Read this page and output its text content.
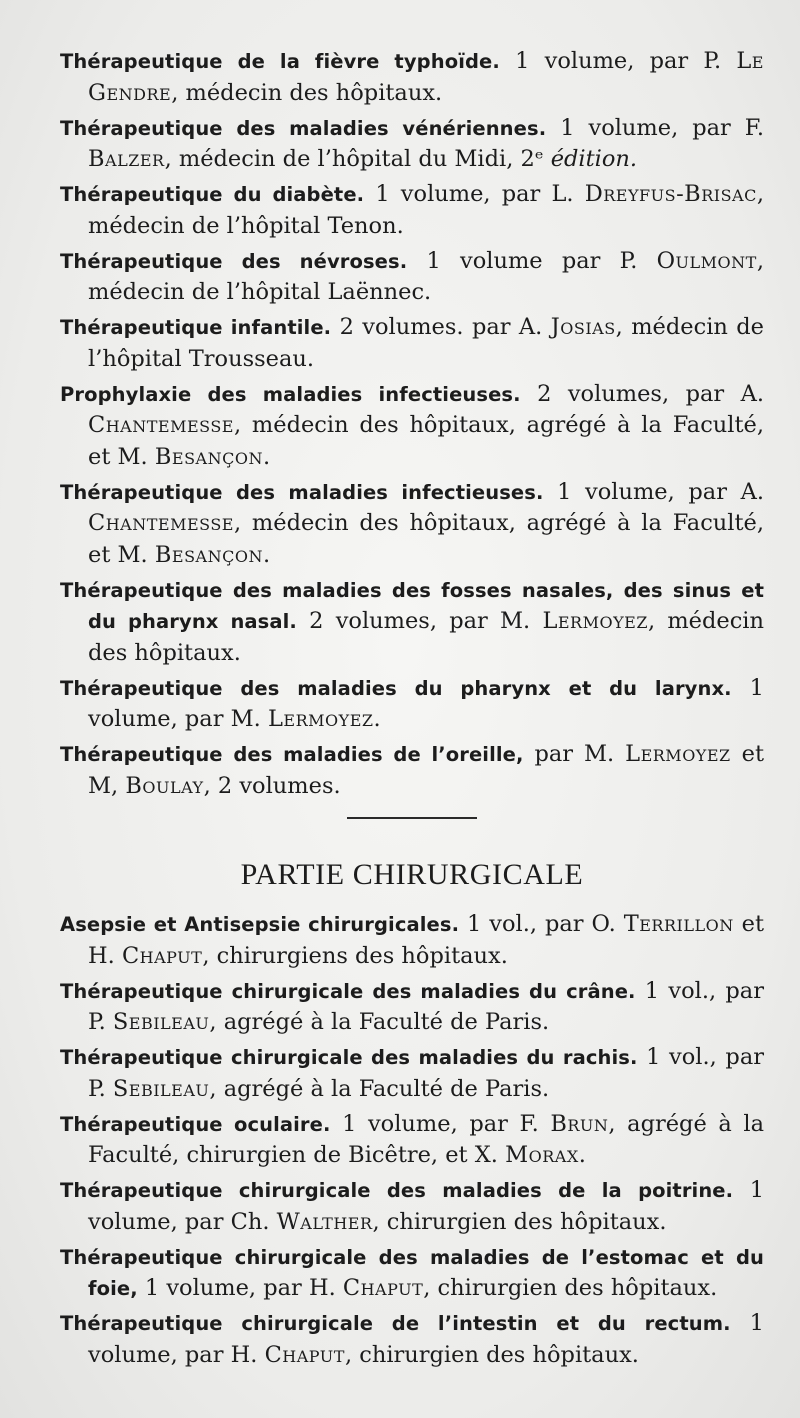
Thérapeutique de la fièvre typhoïde. 1 volume, par P. Le Gendre, médecin des hôpitaux.

Thérapeutique des maladies vénériennes. 1 volume, par F. Balzer, médecin de l’hôpital du Midi, 2ᵉ édition.

Thérapeutique du diabète. 1 volume, par L. Dreyfus-Brisac, médecin de l’hôpital Tenon.

Thérapeutique des névroses. 1 volume par P. Oulmont, médecin de l’hôpital Laënnec.

Thérapeutique infantile. 2 volumes. par A. Josias, médecin de l’hôpital Trousseau.

Prophylaxie des maladies infectieuses. 2 volumes, par A. Chantemesse, médecin des hôpitaux, agrégé à la Faculté, et M. Besançon.

Thérapeutique des maladies infectieuses. 1 volume, par A. Chantemesse, médecin des hôpitaux, agrégé à la Faculté, et M. Besançon.

Thérapeutique des maladies des fosses nasales, des sinus et du pharynx nasal. 2 volumes, par M. Lermoyez, médecin des hôpitaux.

Thérapeutique des maladies du pharynx et du larynx. 1 volume, par M. Lermoyez.

Thérapeutique des maladies de l’oreille, par M. Lermoyez et M, Boulay, 2 volumes.

PARTIE CHIRURGICALE

Asepsie et Antisepsie chirurgicales. 1 vol., par O. Terrillon et H. Chaput, chirurgiens des hôpitaux.

Thérapeutique chirurgicale des maladies du crâne. 1 vol., par P. Sebileau, agrégé à la Faculté de Paris.

Thérapeutique chirurgicale des maladies du rachis. 1 vol., par P. Sebileau, agrégé à la Faculté de Paris.

Thérapeutique oculaire. 1 volume, par F. Brun, agrégé à la Faculté, chirurgien de Bicêtre, et X. Morax.

Thérapeutique chirurgicale des maladies de la poitrine. 1 volume, par Ch. Walther, chirurgien des hôpitaux.

Thérapeutique chirurgicale des maladies de l’estomac et du foie, 1 volume, par H. Chaput, chirurgien des hôpitaux.

Thérapeutique chirurgicale de l’intestin et du rectum. 1 volume, par H. Chaput, chirurgien des hôpitaux.
